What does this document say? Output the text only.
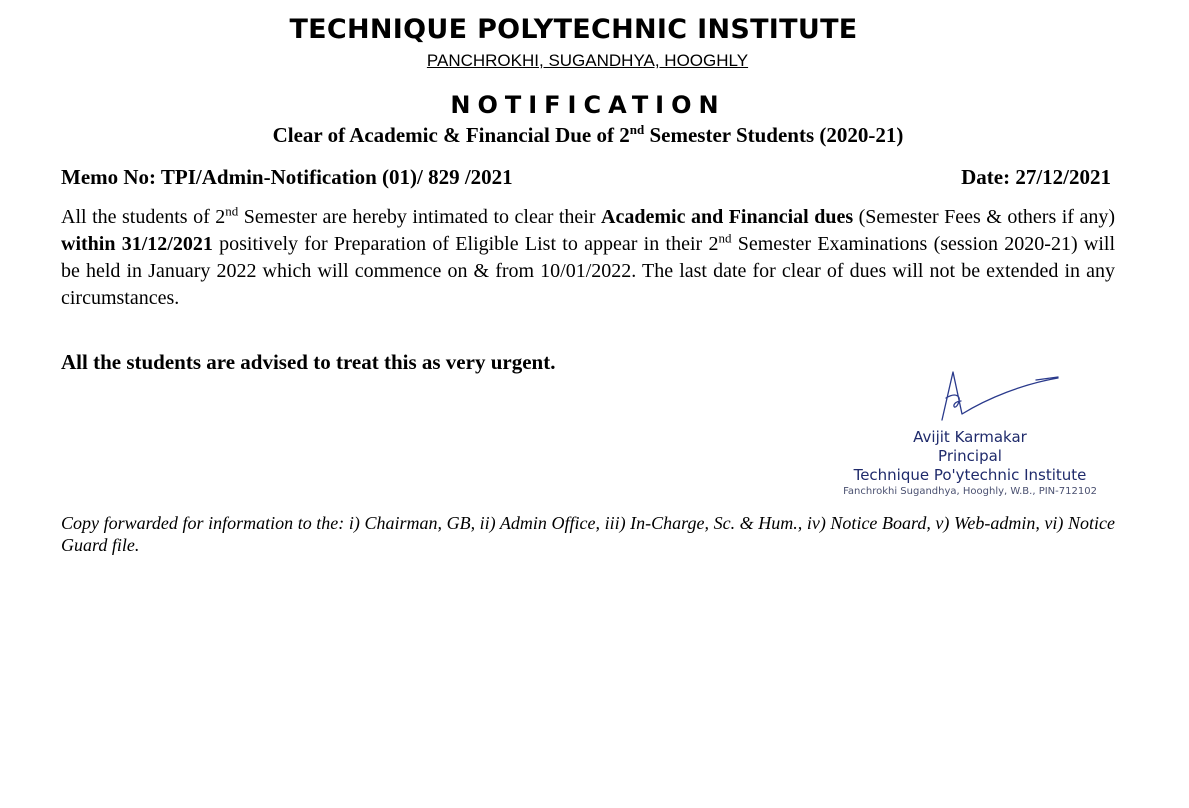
TECHNIQUE POLYTECHNIC INSTITUTE
PANCHROKHI, SUGANDHYA, HOOGHLY
NOTIFICATION
Clear of Academic & Financial Due of 2nd Semester Students (2020-21)
Memo No: TPI/Admin-Notification (01)/ 829 /2021	Date: 27/12/2021
All the students of 2nd Semester are hereby intimated to clear their Academic and Financial dues (Semester Fees & others if any) within 31/12/2021 positively for Preparation of Eligible List to appear in their 2nd Semester Examinations (session 2020-21) will be held in January 2022 which will commence on & from 10/01/2022. The last date for clear of dues will not be extended in any circumstances.
All the students are advised to treat this as very urgent.
Avijit Karmakar
Principal
Technique Po'ytechnic Institute
Fanchrokhi Sugandhya, Hooghly, W.B., PIN-712102
Copy forwarded for information to the: i) Chairman, GB, ii) Admin Office, iii) In-Charge, Sc. & Hum., iv) Notice Board, v) Web-admin, vi) Notice Guard file.
